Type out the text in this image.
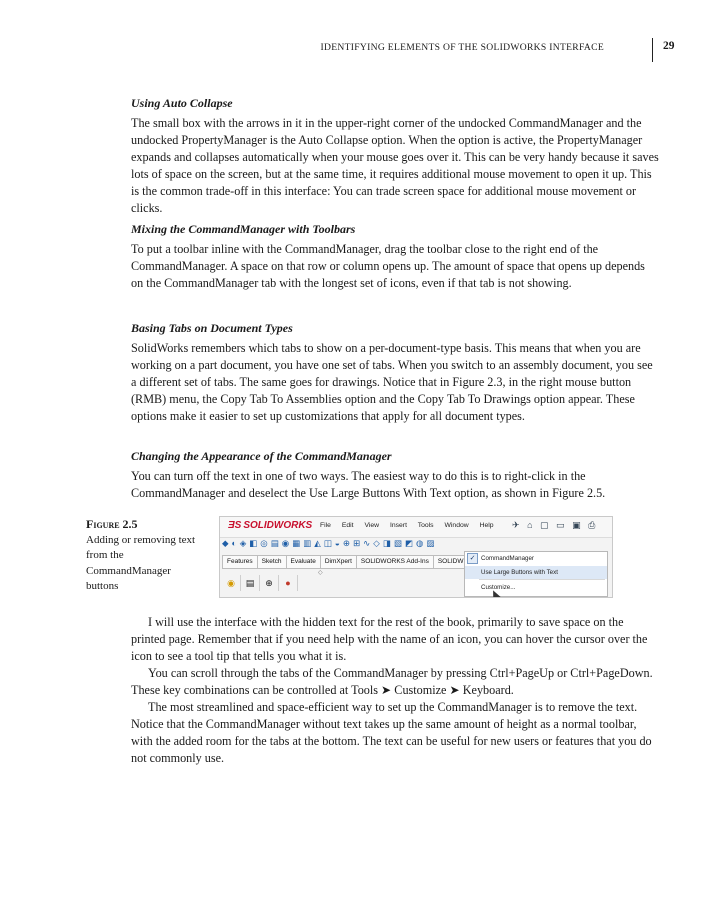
IDENTIFYING ELEMENTS OF THE SOLIDWORKS INTERFACE	29
Using Auto Collapse

The small box with the arrows in it in the upper-right corner of the undocked CommandManager and the undocked PropertyManager is the Auto Collapse option. When the option is active, the PropertyManager expands and collapses automatically when your mouse goes over it. This can be very handy because it saves lots of space on the screen, but at the same time, it requires additional mouse movement to open it up. This is the common trade-off in this interface: You can trade screen space for additional mouse movement or clicks.

Mixing the CommandManager with Toolbars

To put a toolbar inline with the CommandManager, drag the toolbar close to the right end of the CommandManager. A space on that row or column opens up. The amount of space that opens up depends on the CommandManager tab with the longest set of icons, even if that tab is not showing.

Basing Tabs on Document Types

SolidWorks remembers which tabs to show on a per-document-type basis. This means that when you are working on a part document, you have one set of tabs. When you switch to an assembly document, you see a different set of tabs. The same goes for drawings. Notice that in Figure 2.3, in the right mouse button (RMB) menu, the Copy Tab To Assemblies option and the Copy Tab To Drawings option appear. These options make it easier to set up customizations that apply for all document types.

Changing the Appearance of the CommandManager

You can turn off the text in one of two ways. The easiest way to do this is to right-click in the CommandManager and deselect the Use Large Buttons With Text option, as shown in Figure 2.5.

Figure 2.5
Adding or removing text from the CommandManager buttons
ƎS SOLIDWORKS File Edit View Insert Tools Window Help	✈ ⌂ ▢ ▭ ▣ ⎙
◆ ◐ ◈ ◧ ◎ ▤ ◉ ▦ ▥ ◭ ◫ ◒ ⊕ ⊞ ∿ ◇ ◨ ▧ ◩ ◍ ▨
Features Sketch Evaluate DimXpert SOLIDWORKS Add-Ins SOLIDW
◇
◉ ▤ ⊕ ●
✓ CommandManager
Use Large Buttons with Text
Customize...

I will use the interface with the hidden text for the rest of the book, primarily to save space on the printed page. Remember that if you need help with the name of an icon, you can hover the cursor over the icon to see a tool tip that tells you what it is.

You can scroll through the tabs of the CommandManager by pressing Ctrl+PageUp or Ctrl+PageDown. These key combinations can be controlled at Tools ➤ Customize ➤ Keyboard.

The most streamlined and space-efficient way to set up the CommandManager is to remove the text. Notice that the CommandManager without text takes up the same amount of height as a normal toolbar, with the added room for the tabs at the bottom. The text can be useful for new users or features that you do not commonly use.
